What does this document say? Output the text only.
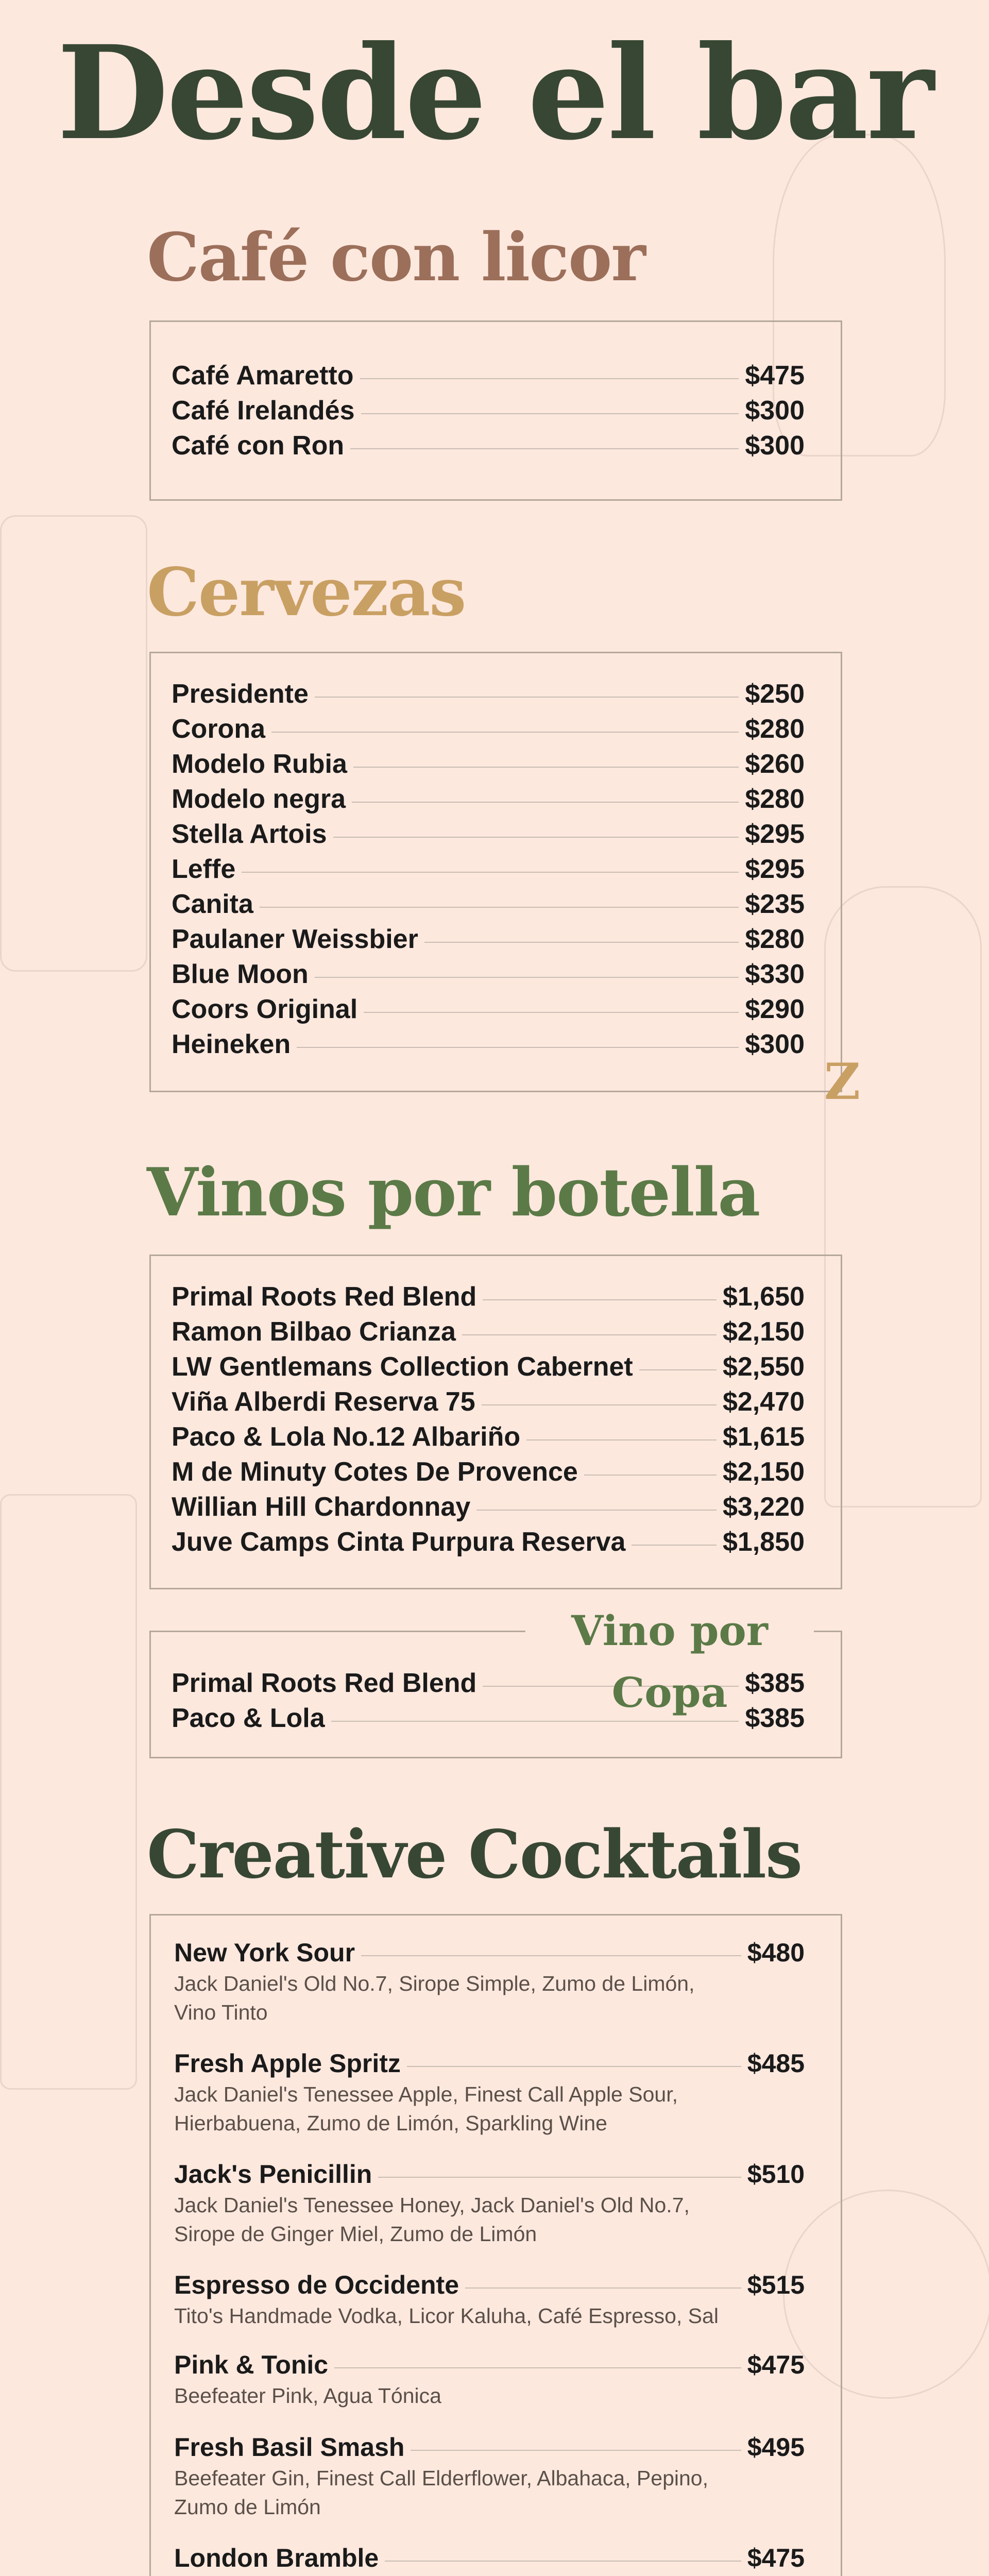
Desde el bar
Café con licor
Café Amaretto	$475
Café Irelandés	$300
Café con Ron	$300
Cervezas
Presidente	$250
Corona	$280
Modelo Rubia	$260
Modelo negra	$280
Stella Artois	$295
Leffe	$295
Canita	$235
Paulaner Weissbier	$280
Blue Moon	$330
Coors Original	$290
Heineken	$300
Z
Vinos por botella
Primal Roots Red Blend	$1,650
Ramon Bilbao Crianza	$2,150
LW Gentlemans Collection Cabernet	$2,550
Viña Alberdi Reserva 75	$2,470
Paco & Lola No.12 Albariño	$1,615
M de Minuty Cotes De Provence	$2,150
Willian Hill Chardonnay	$3,220
Juve Camps Cinta Purpura Reserva	$1,850
Primal Roots Red Blend	$385
Paco & Lola	$385
Vino por Copa
Creative Cocktails
New York Sour	$480
Jack Daniel's Old No.7, Sirope Simple, Zumo de Limón, Vino Tinto
Fresh Apple Spritz	$485
Jack Daniel's Tenessee Apple, Finest Call Apple Sour, Hierbabuena, Zumo de Limón, Sparkling Wine
Jack's Penicillin	$510
Jack Daniel's Tenessee Honey, Jack Daniel's Old No.7, Sirope de Ginger Miel, Zumo de Limón
Espresso de Occidente	$515
Tito's Handmade Vodka, Licor Kaluha, Café Espresso, Sal
Pink & Tonic	$475
Beefeater Pink, Agua Tónica
Fresh Basil Smash	$495
Beefeater Gin, Finest Call Elderflower, Albahaca, Pepino, Zumo de Limón
London Bramble	$475
